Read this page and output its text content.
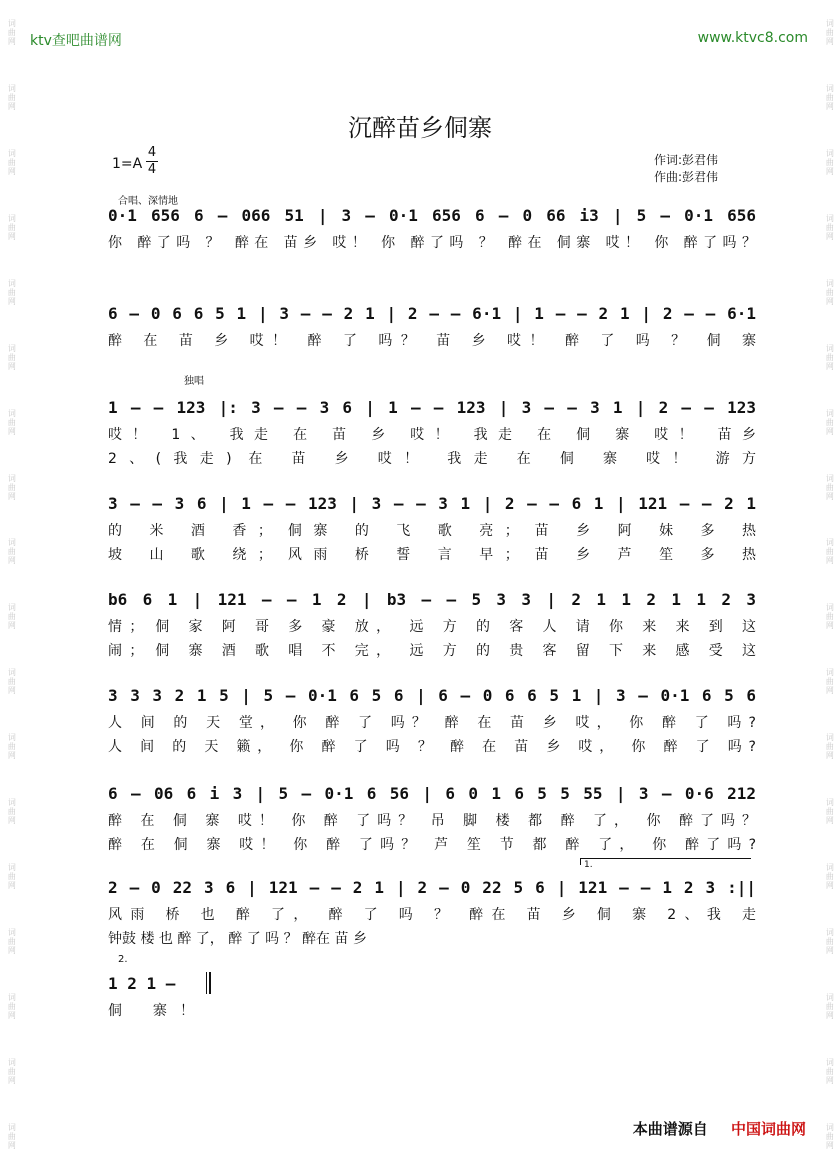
词曲网
词曲网
词曲网
词曲网
词曲网
词曲网
词曲网
词曲网
词曲网
词曲网
词曲网
词曲网
词曲网
词曲网
词曲网
词曲网
词曲网
词曲网
词曲网
词曲网
词曲网
词曲网
词曲网
词曲网
词曲网
词曲网
词曲网
词曲网
词曲网
词曲网
词曲网
词曲网
词曲网
词曲网
词曲网
词曲网
ktv查吧曲谱网	www.ktvc8.com
沉醉苗乡侗寨
1=A
4
4
作词:彭君伟
作曲:彭君伟
合唱、深情地
独唱
0·1 656 6 — 066 51 | 3 — 0·1 656 6 — 0 66 i3 | 5 — 0·1 656
你 醉了吗 ？ 醉在 苗乡 哎！ 你 醉了吗 ？ 醉在 侗寨 哎！ 你 醉了吗？
6 — 0 6 6 5 1 | 3 — — 2 1 | 2 — — 6·1 | 1 — — 2 1 | 2 — — 6·1
醉 在 苗 乡 哎！ 醉 了 吗？ 苗 乡 哎！ 醉 了 吗 ？ 侗 寨
1 — — 123 |: 3 — — 3 6 | 1 — — 123 | 3 — — 3 1 | 2 — — 123
哎！ 1、 我走 在 苗 乡 哎！ 我走 在 侗 寨 哎！ 苗乡
2、(我走) 在 苗 乡 哎！ 我走 在 侗 寨 哎！ 游方
3 — — 3 6 | 1 — — 123 | 3 — — 3 1 | 2 — — 6 1 | 121 — — 2 1
的 米 酒 香； 侗寨 的 飞 歌 亮； 苗 乡 阿 妹 多 热
坡 山 歌 绕； 风雨 桥 誓 言 早； 苗 乡 芦 笙 多 热
b6 6 1 | 121 — — 1 2 | b3 — — 5 3 3 | 2 1 1 2 1 1 2 3
情； 侗 家 阿 哥 多 豪 放， 远 方 的 客 人 请 你 来 来 到 这
闹； 侗 寨 酒 歌 唱 不 完， 远 方 的 贵 客 留 下 来 感 受 这
3 3 3 2 1 5 | 5 — 0·1 6 5 6 | 6 — 0 6 6 5 1 | 3 — 0·1 6 5 6
人 间 的 天 堂， 你 醉 了 吗？ 醉 在 苗 乡 哎， 你 醉 了 吗?
人 间 的 天 籁， 你 醉 了 吗 ？ 醉 在 苗 乡 哎， 你 醉 了 吗?
6 — 06 6 i 3 | 5 — 0·1 6 56 | 6 0 1 6 5 5 55 | 3 — 0·6 212
醉 在 侗 寨 哎！ 你 醉 了吗？ 吊 脚 楼 都 醉 了， 你 醉了吗？
醉 在 侗 寨 哎！ 你 醉 了吗？ 芦 笙 节 都 醉 了， 你 醉了吗?
1.
2 — 0 22 3 6 | 121 — — 2 1 | 2 — 0 22 5 6 | 121 — — 1 2 3 :||
风雨 桥 也 醉 了， 醉 了 吗 ？ 醉在 苗 乡 侗 寨 2、我 走
钟鼓 楼 也 醉 了， 醉 了 吗 ？ 醉在 苗 乡
2.
1 2 1 —
侗 寨！
本曲谱源自 中国词曲网
